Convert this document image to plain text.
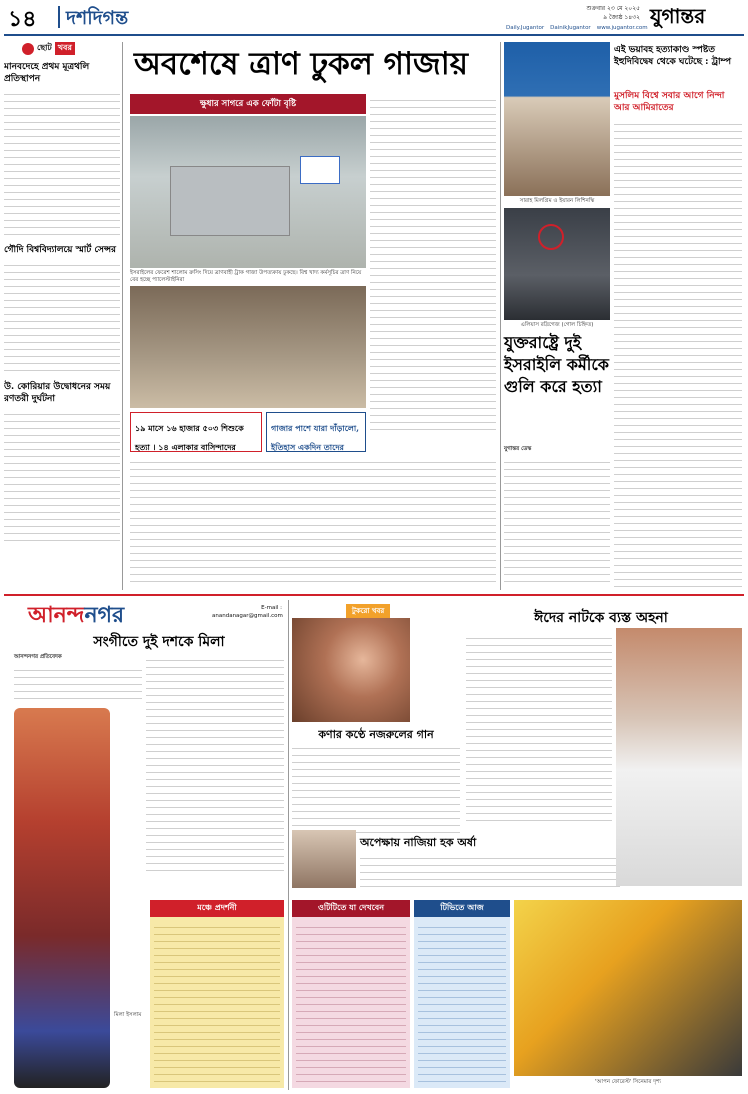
১৪ দশদিগন্ত	শুক্রবার ২৩ মে ২০২৫
৯ জ্যৈষ্ঠ ১৪৩২ যুগান্তর
Daily.Jugantor DainikJugantor www.jugantor.com
ছোট খবর
মানবদেহে প্রথম মূত্রথলি প্রতিস্থাপন
গৌদি বিশ্ববিদ্যালয়ে স্মার্ট সেন্সর
উ. কোরিয়ার উদ্বোধনের সময় রণতরী দুর্ঘটনা
অবশেষে ত্রাণ ঢুকল গাজায়
ক্ষুধার সাগরে এক ফোঁটা বৃষ্টি
ইসরাইলের ফেরেশ শালোম ক্রসিং দিয়ে ত্রাণবাহী ট্রাক গাজা উপত্যকায় ঢুকছে। বিশ্ব খাদ্য কর্মসূচির ত্রাণ নিয়ে বের হচ্ছে প্যালেস্টাইনিরা
১৯ মাসে ১৬ হাজার ৫০৩ শিশুকে হত্যা । ১৪ এলাকার বাসিন্দাদের
গাজার পাশে যারা দাঁড়ালো, ইতিহাস একদিন তাদের
সারাহ মিলগ্রিম ও ইয়ারন লিশিনস্কি
এলিয়াস রদ্রিগেজ (গোল চিহ্নিত)
এই ভয়াবহ হত্যাকাণ্ড স্পষ্টত ইহুদিবিদ্বেষ থেকে ঘটেছে : ট্রাম্প
মুসলিম বিশ্বে সবার আগে নিন্দা আর আমিরাতের
যুক্তরাষ্ট্রে দুই ইসরাইলি কর্মীকে গুলি করে হত্যা
যুগান্তর ডেস্ক
আনন্দনগর	E-mail :
anandanagar@gmail.com
সংগীতে দুই দশকে মিলা
আনন্দনগর প্রতিবেদক
মিলা ইসলাম
টুকরো খবর
কণার কণ্ঠে নজরুলের গান
অপেক্ষায় নাজিয়া হক অর্ষা
ঈদের নাটকে ব্যস্ত অহনা
মঞ্চে প্রদর্শনী	ওটিটিতে যা দেখবেন	টিভিতে আজ
'আপন ফোরেস্ট' সিনেমার দৃশ্য
